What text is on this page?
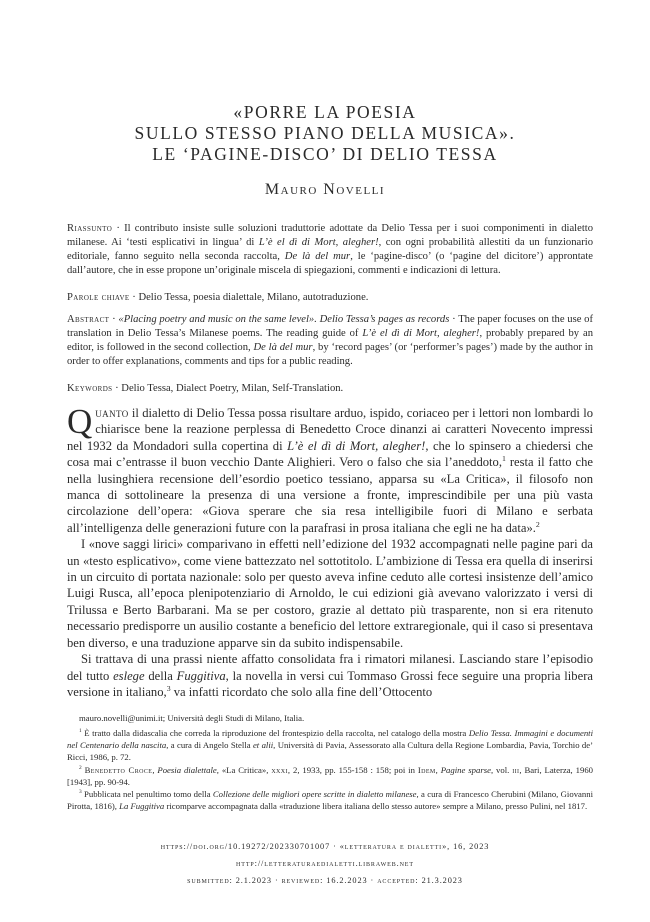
«PORRE LA POESIA
SULLO STESSO PIANO DELLA MUSICA».
LE ‘PAGINE-DISCO’ DI DELIO TESSA
Mauro Novelli
Riassunto · Il contributo insiste sulle soluzioni traduttorie adottate da Delio Tessa per i suoi componimenti in dialetto milanese. Ai ‘testi esplicativi in lingua’ di L’è el dì di Mort, alegher!, con ogni probabilità allestiti da un funzionario editoriale, fanno seguito nella seconda raccolta, De là del mur, le ‘pagine-disco’ (o ‘pagine del dicitore’) approntate dall’autore, che in esse propone un’originale miscela di spiegazioni, commenti e indicazioni di lettura.
Parole chiave · Delio Tessa, poesia dialettale, Milano, autotraduzione.
Abstract · «Placing poetry and music on the same level». Delio Tessa’s pages as records · The paper focuses on the use of translation in Delio Tessa’s Milanese poems. The reading guide of L’è el dì di Mort, alegher!, probably prepared by an editor, is followed in the second collection, De là del mur, by ‘record pages’ (or ‘performer’s pages’) made by the author in order to offer explanations, comments and tips for a public reading.
Keywords · Delio Tessa, Dialect Poetry, Milan, Self-Translation.

Quanto il dialetto di Delio Tessa possa risultare arduo, ispido, coriaceo per i lettori non lombardi lo chiarisce bene la reazione perplessa di Benedetto Croce dinanzi ai caratteri Novecento impressi nel 1932 da Mondadori sulla copertina di L’è el dì di Mort, alegher!, che lo spinsero a chiedersi che cosa mai c’entrasse il buon vecchio Dante Alighieri. Vero o falso che sia l’aneddoto,$^1$ resta il fatto che nella lusinghiera recensione dell’esordio poetico tessiano, apparsa su «La Critica», il filosofo non manca di sottolineare la presenza di una versione a fronte, imprescindibile per una più vasta circolazione dell’opera: «Giova sperare che sia resa intelligibile fuori di Milano e serbata all’intelligenza delle generazioni future con la parafrasi in prosa italiana che egli ne ha data».$^2$

I «nove saggi lirici» comparivano in effetti nell’edizione del 1932 accompagnati nelle pagine pari da un «testo esplicativo», come viene battezzato nel sottotitolo. L’ambizione di Tessa era quella di inserirsi in un circuito di portata nazionale: solo per questo aveva infine ceduto alle cortesi insistenze dell’amico Luigi Rusca, all’epoca plenipotenziario di Arnoldo, le cui edizioni già avevano valorizzato i versi di Trilussa e Berto Barbarani. Ma se per costoro, grazie al dettato più trasparente, non si era ritenuto necessario predisporre un ausilio costante a beneficio del lettore extraregionale, qui il caso si presentava ben diverso, e una traduzione apparve sin da subito indispensabile.

Si trattava di una prassi niente affatto consolidata fra i rimatori milanesi. Lasciando stare l’episodio del tutto eslege della Fuggitiva, la novella in versi cui Tommaso Grossi fece seguire una propria libera versione in italiano,$^3$ va infatti ricordato che solo alla fine dell’Ottocento

mauro.novelli@unimi.it; Università degli Studi di Milano, Italia.

$^1$ È tratto dalla didascalia che corredа la riproduzione del frontespizio della raccolta, nel catalogo della mostra Delio Tessa. Immagini e documenti nel Centenario della nascita, a cura di Angelo Stella et alii, Università di Pavia, Assessorato alla Cultura della Regione Lombardia, Pavia, Torchio de’ Ricci, 1986, p. 72.

$^2$ Benedetto Croce, Poesia dialettale, «La Critica», xxxi, 2, 1933, pp. 155-158 : 158; poi in Idem, Pagine sparse, vol. iii, Bari, Laterza, 1960 [1943], pp. 90-94.

$^3$ Pubblicata nel penultimo tomo della Collezione delle migliori opere scritte in dialetto milanese, a cura di Francesco Cherubini (Milano, Giovanni Pirotta, 1816), La Fuggitiva ricomparve accompagnata dalla «traduzione libera italiana dello stesso autore» sempre a Milano, presso Pulini, nel 1817.

https://doi.org/10.19272/202330701007 · «letteratura e dialetti», 16, 2023
http://letteraturaedialetti.libraweb.net
submitted: 2.1.2023 · reviewed: 16.2.2023 · accepted: 21.3.2023
